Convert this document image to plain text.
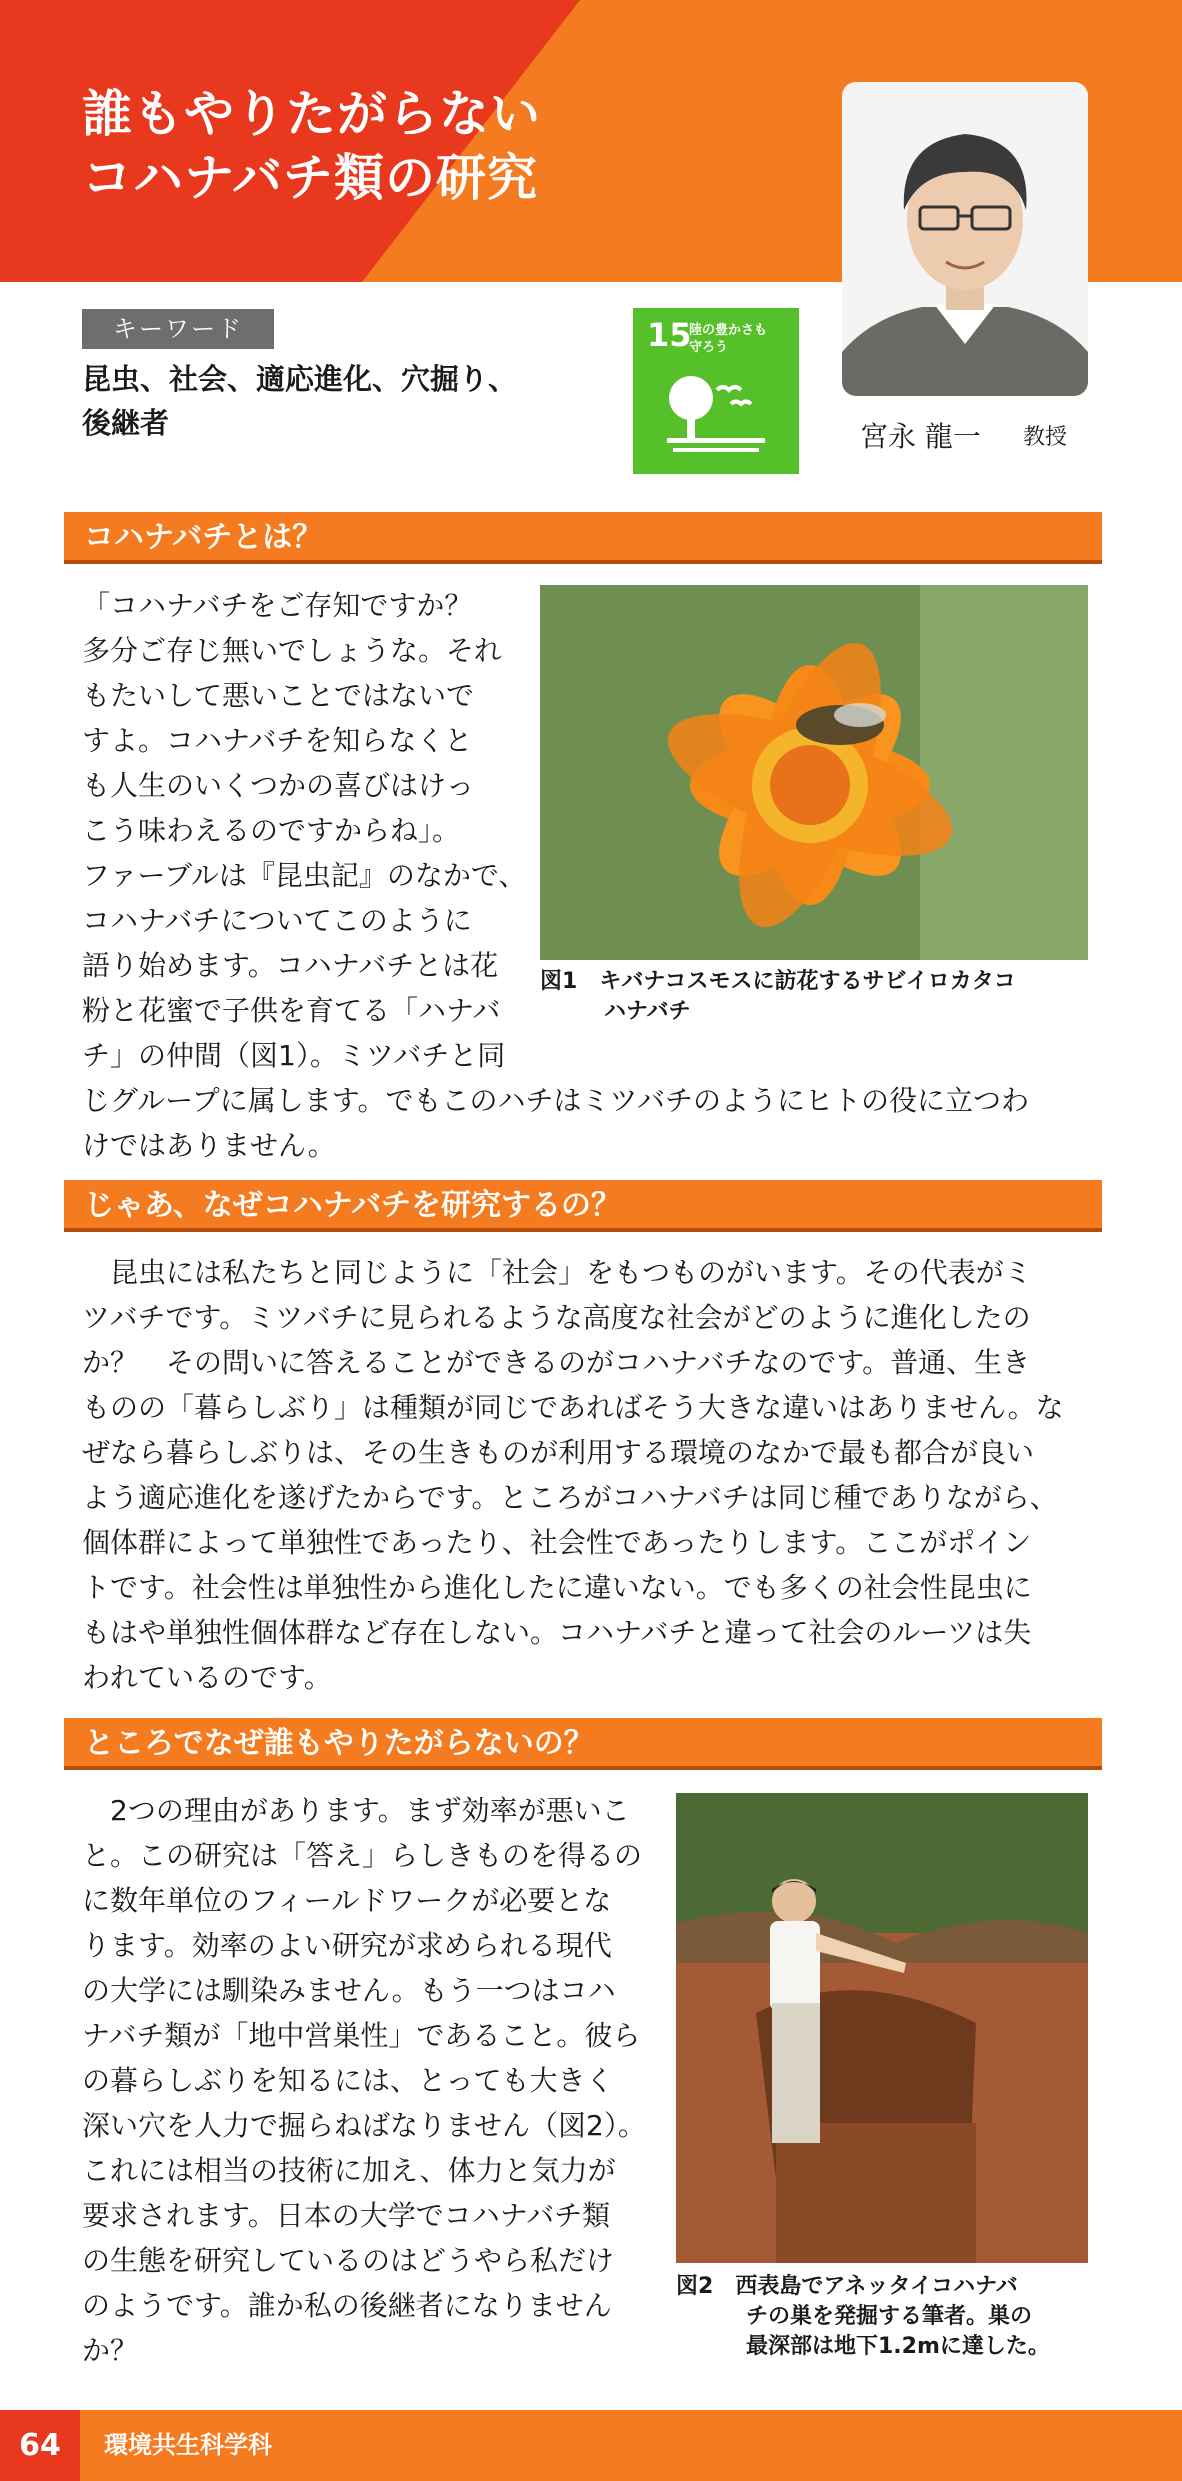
誰もやりたがらない
コハナバチ類の研究
宮永 龍一 教授
キーワード
昆虫、社会、適応進化、穴掘り、
後継者
15
陸の豊かさも
守ろう
コハナバチとは？
「コハナバチをご存知ですか？
多分ご存じ無いでしょうな。それ
もたいして悪いことではないで
すよ。コハナバチを知らなくと
も人生のいくつかの喜びはけっ
こう味わえるのですからね」。
ファーブルは『昆虫記』のなかで、
コハナバチについてこのように
語り始めます。コハナバチとは花
粉と花蜜で子供を育てる「ハナバ
チ」の仲間（図1）。ミツバチと同
じグループに属します。でもこのハチはミツバチのようにヒトの役に立つわ
けではありません。
図1　 キバナコスモスに訪花するサビイロカタコ
ハナバチ
じゃあ、なぜコハナバチを研究するの？
　昆虫には私たちと同じように「社会」をもつものがいます。その代表がミ
ツバチです。ミツバチに見られるような高度な社会がどのように進化したの
か？　その問いに答えることができるのがコハナバチなのです。普通、生き
ものの「暮らしぶり」は種類が同じであればそう大きな違いはありません。な
ぜなら暮らしぶりは、その生きものが利用する環境のなかで最も都合が良い
よう適応進化を遂げたからです。ところがコハナバチは同じ種でありながら、
個体群によって単独性であったり、社会性であったりします。ここがポイン
トです。社会性は単独性から進化したに違いない。でも多くの社会性昆虫に
もはや単独性個体群など存在しない。コハナバチと違って社会のルーツは失
われているのです。
ところでなぜ誰もやりたがらないの？
　2つの理由があります。まず効率が悪いこ
と。この研究は「答え」らしきものを得るの
に数年単位のフィールドワークが必要とな
ります。効率のよい研究が求められる現代
の大学には馴染みません。もう一つはコハ
ナバチ類が「地中営巣性」であること。彼ら
の暮らしぶりを知るには、とっても大きく
深い穴を人力で掘らねばなりません（図2）。
これには相当の技術に加え、体力と気力が
要求されます。日本の大学でコハナバチ類
の生態を研究しているのはどうやら私だけ
のようです。誰か私の後継者になりません
か？
図2　 西表島でアネッタイコハナバ
チの巣を発掘する筆者。巣の
最深部は地下1.2mに達した。
64	環境共生科学科
